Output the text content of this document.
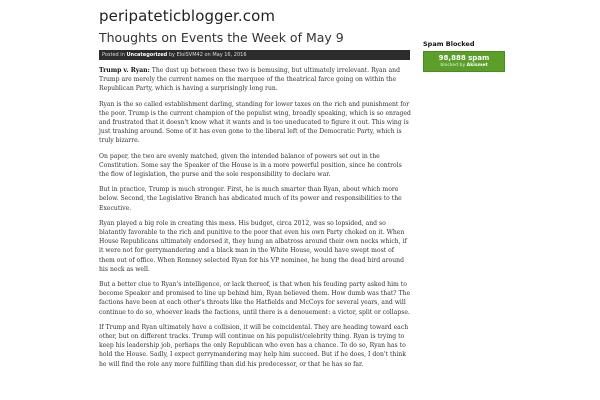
peripateticblogger.com
Thoughts on Events the Week of May 9
Posted in Uncategorized by EloiSVM42 on May 16, 2016

Trump v. Ryan: The dust up between these two is bemusing, but ultimately irrelevant. Ryan and Trump are merely the current names on the marquee of the theatrical farce going on within the Republican Party, which is having a surprisingly long run.

Ryan is the so called establishment darling, standing for lower taxes on the rich and punishment for the poor. Trump is the current champion of the populist wing, broadly speaking, which is so enraged and frustrated that it doesn't know what it wants and is too uneducated to figure it out. This wing is just trashing around. Some of it has even gone to the liberal left of the Democratic Party, which is truly bizarre.

On paper, the two are evenly matched, given the intended balance of powers set out in the Constitution. Some say the Speaker of the House is in a more powerful position, since he controls the flow of legislation, the purse and the sole responsibility to declare war.

But in practice, Trump is much stronger. First, he is much smarter than Ryan, about which more below. Second, the Legislative Branch has abdicated much of its power and responsibilities to the Executive.

Ryan played a big role in creating this mess. His budget, circa 2012, was so lopsided, and so blatantly favorable to the rich and punitive to the poor that even his own Party choked on it. When House Republicans ultimately endorsed it, they hung an albatross around their own necks which, if it were not for gerrymandering and a black man in the White House, would have swept most of them out of office. When Romney selected Ryan for his VP nominee, he hung the dead bird around his neck as well.

But a better clue to Ryan's intelligence, or lack thereof, is that when his feuding party asked him to become Speaker and promised to line up behind him, Ryan believed them. How dumb was that? The factions have been at each other's throats like the Hatfields and McCoys for several years, and will continue to do so, whoever leads the factions, until there is a denouement: a victor, split or collapse.

If Trump and Ryan ultimately have a collision, it will be coincidental. They are heading toward each other, but on different tracks. Trump will continue on his populist/celebrity thing. Ryan is trying to keep his leadership job, perhaps the only Republican who even has a chance. To do so, Ryan has to hold the House. Sadly, I expect gerrymandering may help him succeed. But if he does, I don't think he will find the role any more fulfilling than did his predecessor, or that he has so far.

Spam Blocked
98,888 spam
blocked by Akismet
